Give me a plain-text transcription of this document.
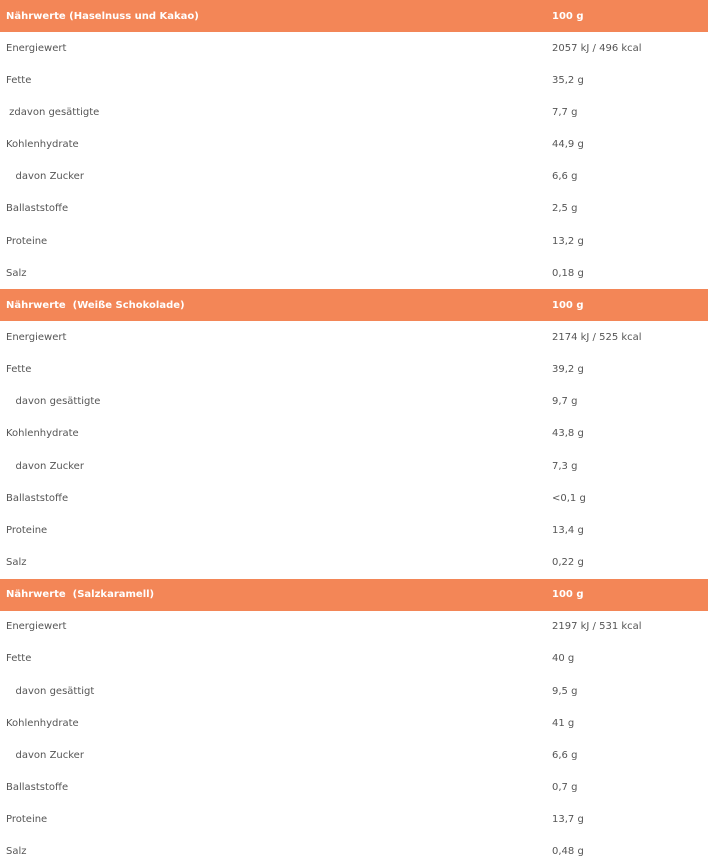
Nährwerte (Haselnuss und Kakao)	100 g
Energiewert	2057 kJ / 496 kcal
Fette	35,2 g
zdavon gesättigte	7,7 g
Kohlenhydrate	44,9 g
davon Zucker	6,6 g
Ballaststoffe	2,5 g
Proteine	13,2 g
Salz	0,18 g
Nährwerte  (Weiße Schokolade)	100 g
Energiewert	2174 kJ / 525 kcal
Fette	39,2 g
davon gesättigte	9,7 g
Kohlenhydrate	43,8 g
davon Zucker	7,3 g
Ballaststoffe	<0,1 g
Proteine	13,4 g
Salz	0,22 g
Nährwerte  (Salzkaramell)	100 g
Energiewert	2197 kJ / 531 kcal
Fette	40 g
davon gesättigt	9,5 g
Kohlenhydrate	41 g
davon Zucker	6,6 g
Ballaststoffe	0,7 g
Proteine	13,7 g
Salz	0,48 g
